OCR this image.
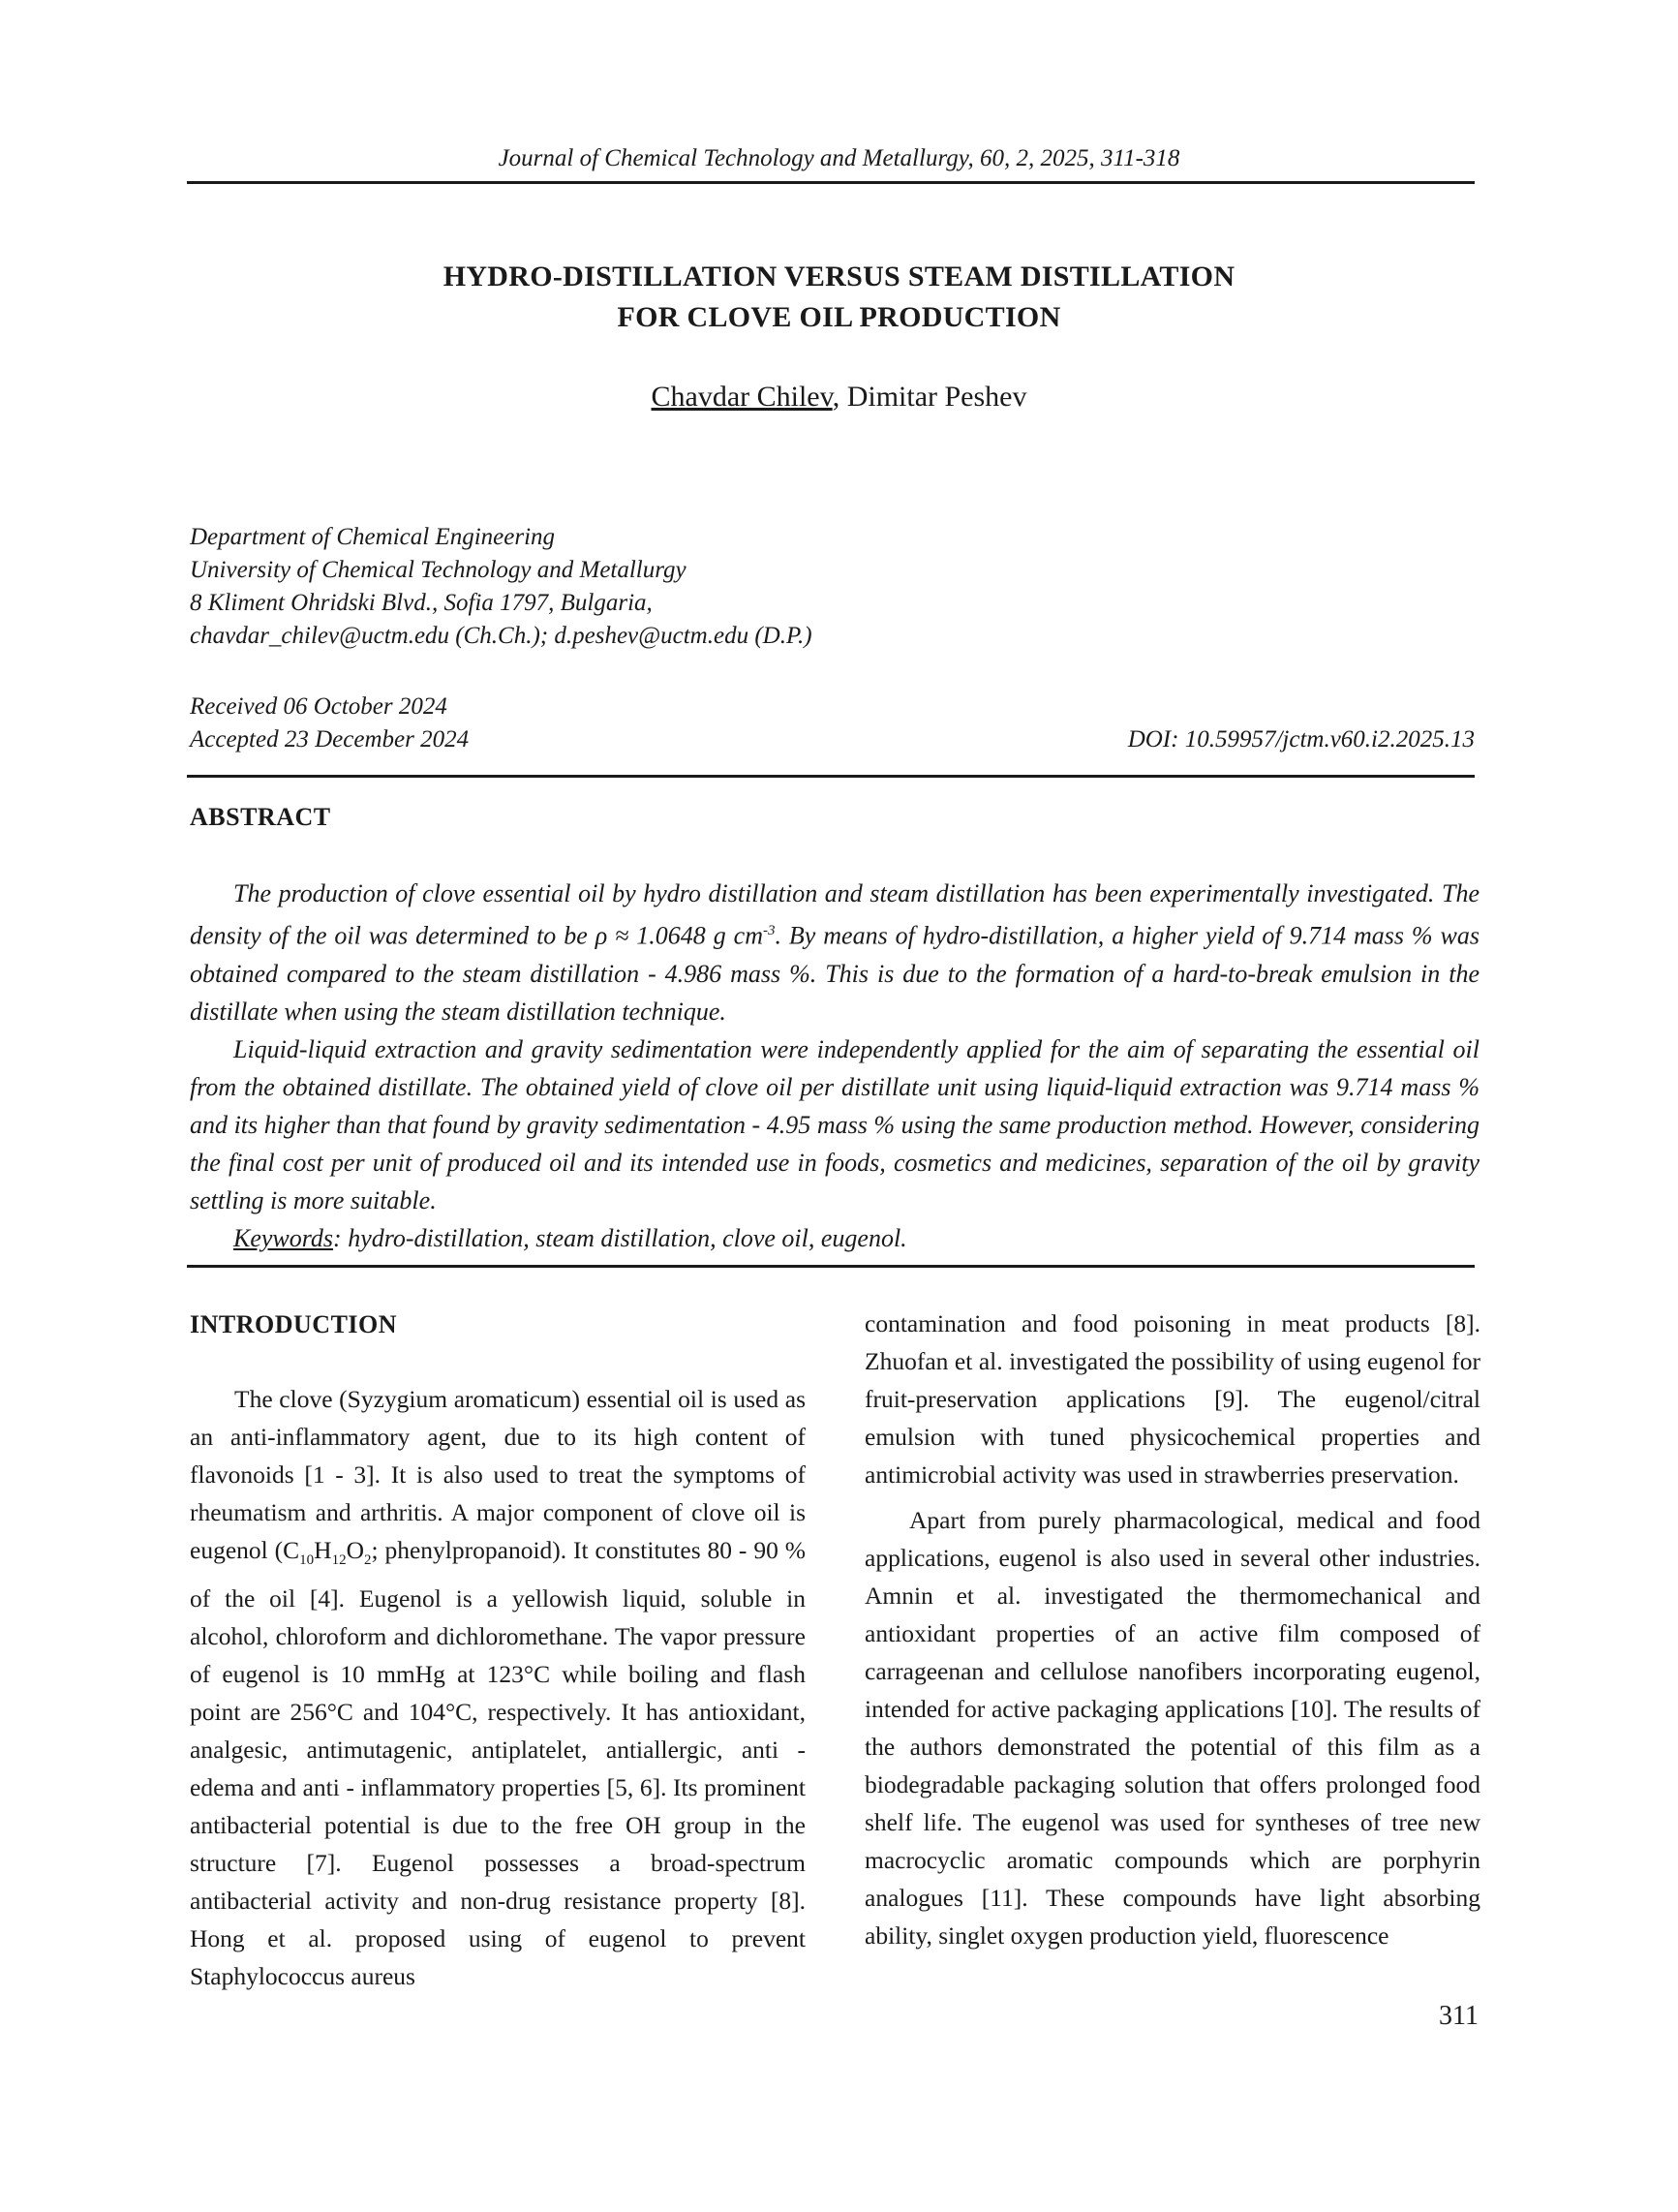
Journal of Chemical Technology and Metallurgy, 60, 2, 2025, 311-318
HYDRO-DISTILLATION VERSUS STEAM DISTILLATION
FOR CLOVE OIL PRODUCTION
Chavdar Chilev, Dimitar Peshev
Department of Chemical Engineering
University of Chemical Technology and Metallurgy
8 Kliment Ohridski Blvd., Sofia 1797, Bulgaria,
chavdar_chilev@uctm.edu (Ch.Ch.); d.peshev@uctm.edu (D.P.)
Received 06 October 2024
Accepted 23 December 2024	DOI: 10.59957/jctm.v60.i2.2025.13
ABSTRACT

The production of clove essential oil by hydro distillation and steam distillation has been experimentally investigated. The density of the oil was determined to be ρ ≈ 1.0648 g $cm^{-3}$. By means of hydro-distillation, a higher yield of 9.714 mass % was obtained compared to the steam distillation - 4.986 mass %. This is due to the formation of a hard-to-break emulsion in the distillate when using the steam distillation technique.

Liquid-liquid extraction and gravity sedimentation were independently applied for the aim of separating the essential oil from the obtained distillate. The obtained yield of clove oil per distillate unit using liquid-liquid extraction was 9.714 mass % and its higher than that found by gravity sedimentation - 4.95 mass % using the same production method. However, considering the final cost per unit of produced oil and its intended use in foods, cosmetics and medicines, separation of the oil by gravity settling is more suitable.

Keywords: hydro-distillation, steam distillation, clove oil, eugenol.

INTRODUCTION

The clove (Syzygium aromaticum) essential oil is used as an anti-inflammatory agent, due to its high content of flavonoids [1 - 3]. It is also used to treat the symptoms of rheumatism and arthritis. A major component of clove oil is eugenol ($C_{10}H_{12}O_2$; phenylpropanoid). It constitutes 80 - 90 % of the oil [4]. Eugenol is a yellowish liquid, soluble in alcohol, chloroform and dichloromethane. The vapor pressure of eugenol is 10 mmHg at 123°C while boiling and flash point are 256°C and 104°C, respectively. It has antioxidant, analgesic, antimutagenic, antiplatelet, antiallergic, anti - edema and anti - inflammatory properties [5, 6]. Its prominent antibacterial potential is due to the free OH group in the structure [7]. Eugenol possesses a broad-spectrum antibacterial activity and non-drug resistance property [8]. Hong et al. proposed using of eugenol to prevent Staphylococcus aureus

contamination and food poisoning in meat products [8]. Zhuofan et al. investigated the possibility of using eugenol for fruit-preservation applications [9]. The eugenol/citral emulsion with tuned physicochemical properties and antimicrobial activity was used in strawberries preservation.

Apart from purely pharmacological, medical and food applications, eugenol is also used in several other industries. Amnin et al. investigated the thermomechanical and antioxidant properties of an active film composed of carrageenan and cellulose nanofibers incorporating eugenol, intended for active packaging applications [10]. The results of the authors demonstrated the potential of this film as a biodegradable packaging solution that offers prolonged food shelf life. The eugenol was used for syntheses of tree new macrocyclic aromatic compounds which are porphyrin analogues [11]. These compounds have light absorbing ability, singlet oxygen production yield, fluorescence

311
